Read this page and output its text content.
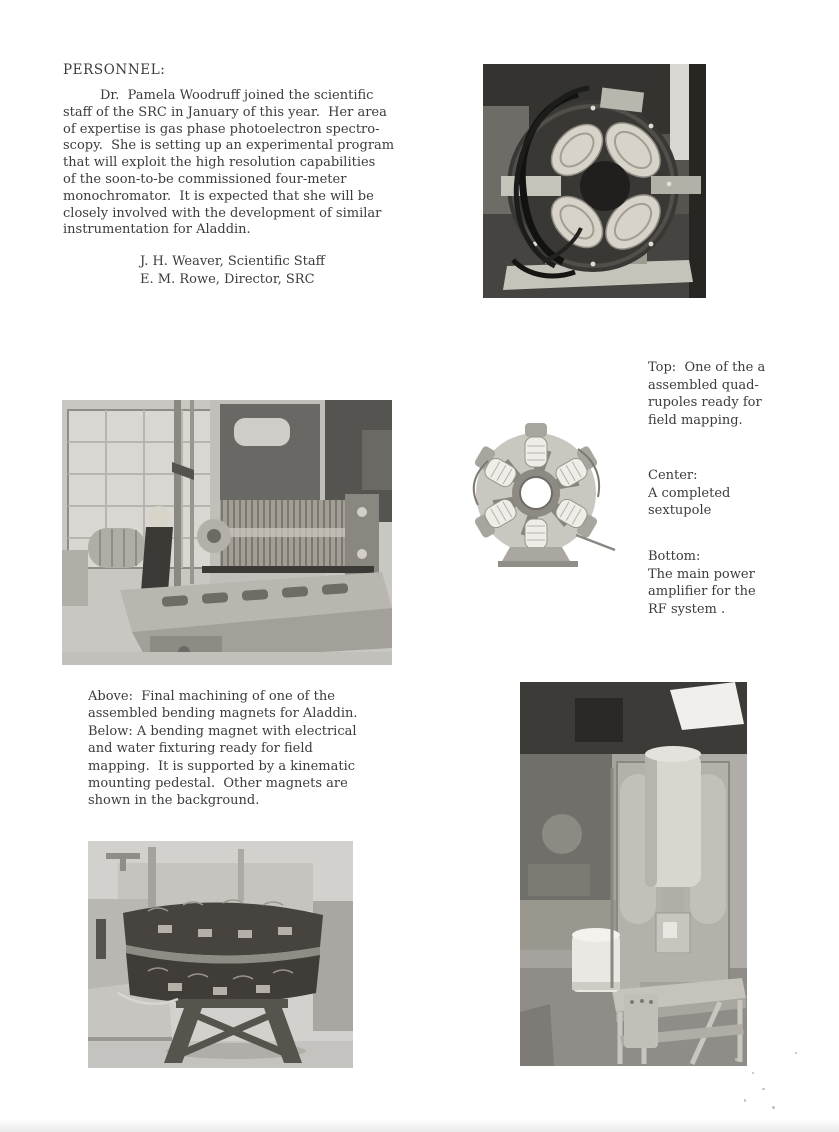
PERSONNEL:
Dr.  Pamela Woodruff joined the scientific
staff of the SRC in January of this year.  Her area
of expertise is gas phase photoelectron spectro-
scopy.  She is setting up an experimental program
that will exploit the high resolution capabilities
of the soon-to-be commissioned four-meter
monochromator.  It is expected that she will be
closely involved with the development of similar
instrumentation for Aladdin.
J. H. Weaver, Scientific Staff
E. M. Rowe, Director, SRC
Top:  One of the a
assembled quad-
rupoles ready for
field mapping.
Center:
A completed
sextupole
Bottom:
The main power
amplifier for the
RF system .
Above:  Final machining of one of the
assembled bending magnets for Aladdin.
Below: A bending magnet with electrical
and water fixturing ready for field
mapping.  It is supported by a kinematic
mounting pedestal.  Other magnets are
shown in the background.
